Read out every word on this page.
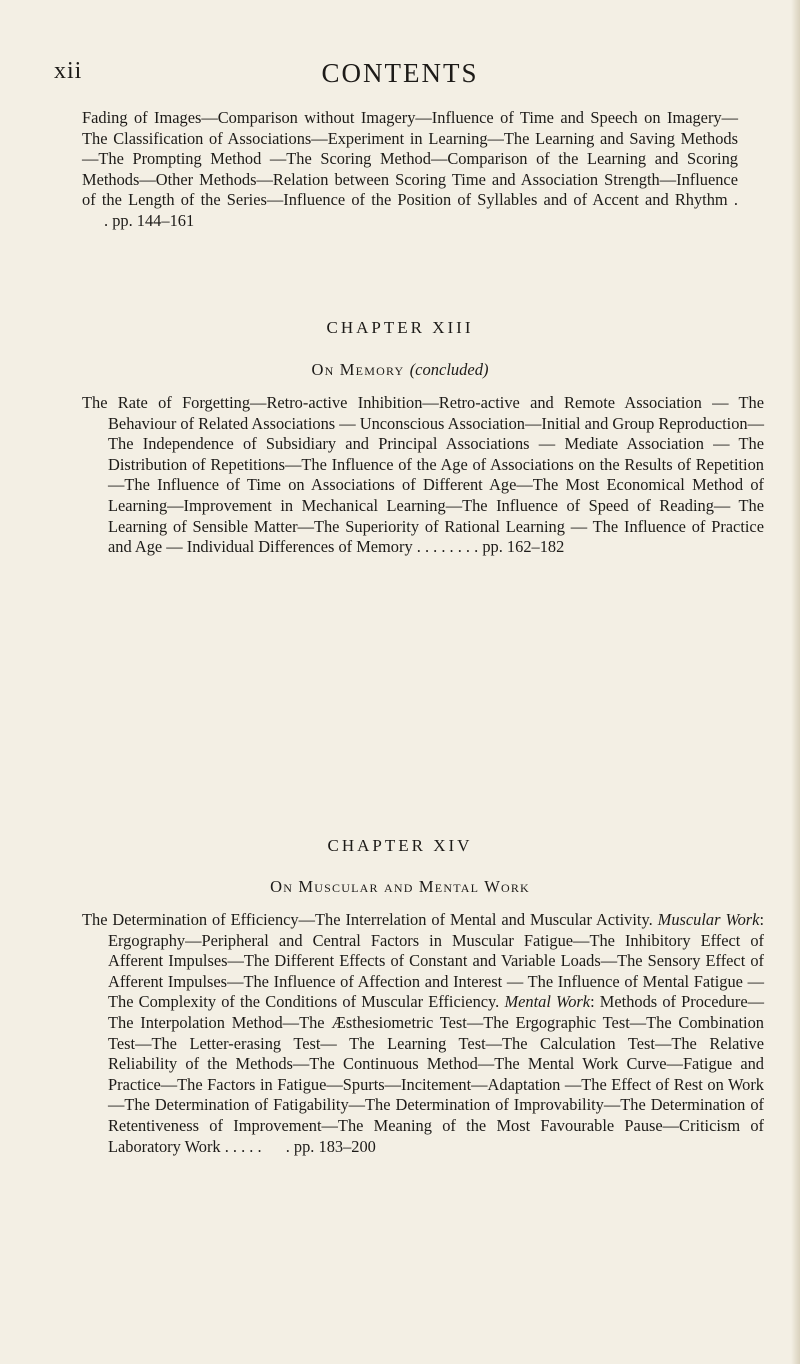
xii	CONTENTS
Fading of Images—Comparison without Imagery—Influence of Time and Speech on Imagery—The Classification of Associations—Experiment in Learning—The Learning and Saving Methods—The Prompting Method —The Scoring Method—Comparison of the Learning and Scoring Methods—Other Methods—Relation between Scoring Time and Association Strength—Influence of the Length of the Series—Influence of the Position of Syllables and of Accent and Rhythm . . pp. 144–161
CHAPTER XIII
On Memory (concluded)
The Rate of Forgetting—Retro-active Inhibition—Retro-active and Remote Association — The Behaviour of Related Associations — Unconscious Association—Initial and Group Reproduction—The Independence of Subsidiary and Principal Associations — Mediate Association — The Distribution of Repetitions—The Influence of the Age of Associations on the Results of Repetition—The Influence of Time on Associations of Different Age—The Most Economical Method of Learning—Improvement in Mechanical Learning—The Influence of Speed of Reading— The Learning of Sensible Matter—The Superiority of Rational Learning — The Influence of Practice and Age — Individual Differences of Memory . . . . . . . . pp. 162–182
CHAPTER XIV
On Muscular and Mental Work
The Determination of Efficiency—The Interrelation of Mental and Muscular Activity. Muscular Work: Ergography—Peripheral and Central Factors in Muscular Fatigue—The Inhibitory Effect of Afferent Impulses—The Different Effects of Constant and Variable Loads—The Sensory Effect of Afferent Impulses—The Influence of Affection and Interest — The Influence of Mental Fatigue — The Complexity of the Conditions of Muscular Efficiency. Mental Work: Methods of Procedure—The Interpolation Method—The Æsthesiometric Test—The Ergographic Test—The Combination Test—The Letter-erasing Test— The Learning Test—The Calculation Test—The Relative Reliability of the Methods—The Continuous Method—The Mental Work Curve—Fatigue and Practice—The Factors in Fatigue—Spurts—Incitement—Adaptation —The Effect of Rest on Work—The Determination of Fatigability—The Determination of Improvability—The Determination of Retentiveness of Improvement—The Meaning of the Most Favourable Pause—Criticism of Laboratory Work . . . . . . pp. 183–200
